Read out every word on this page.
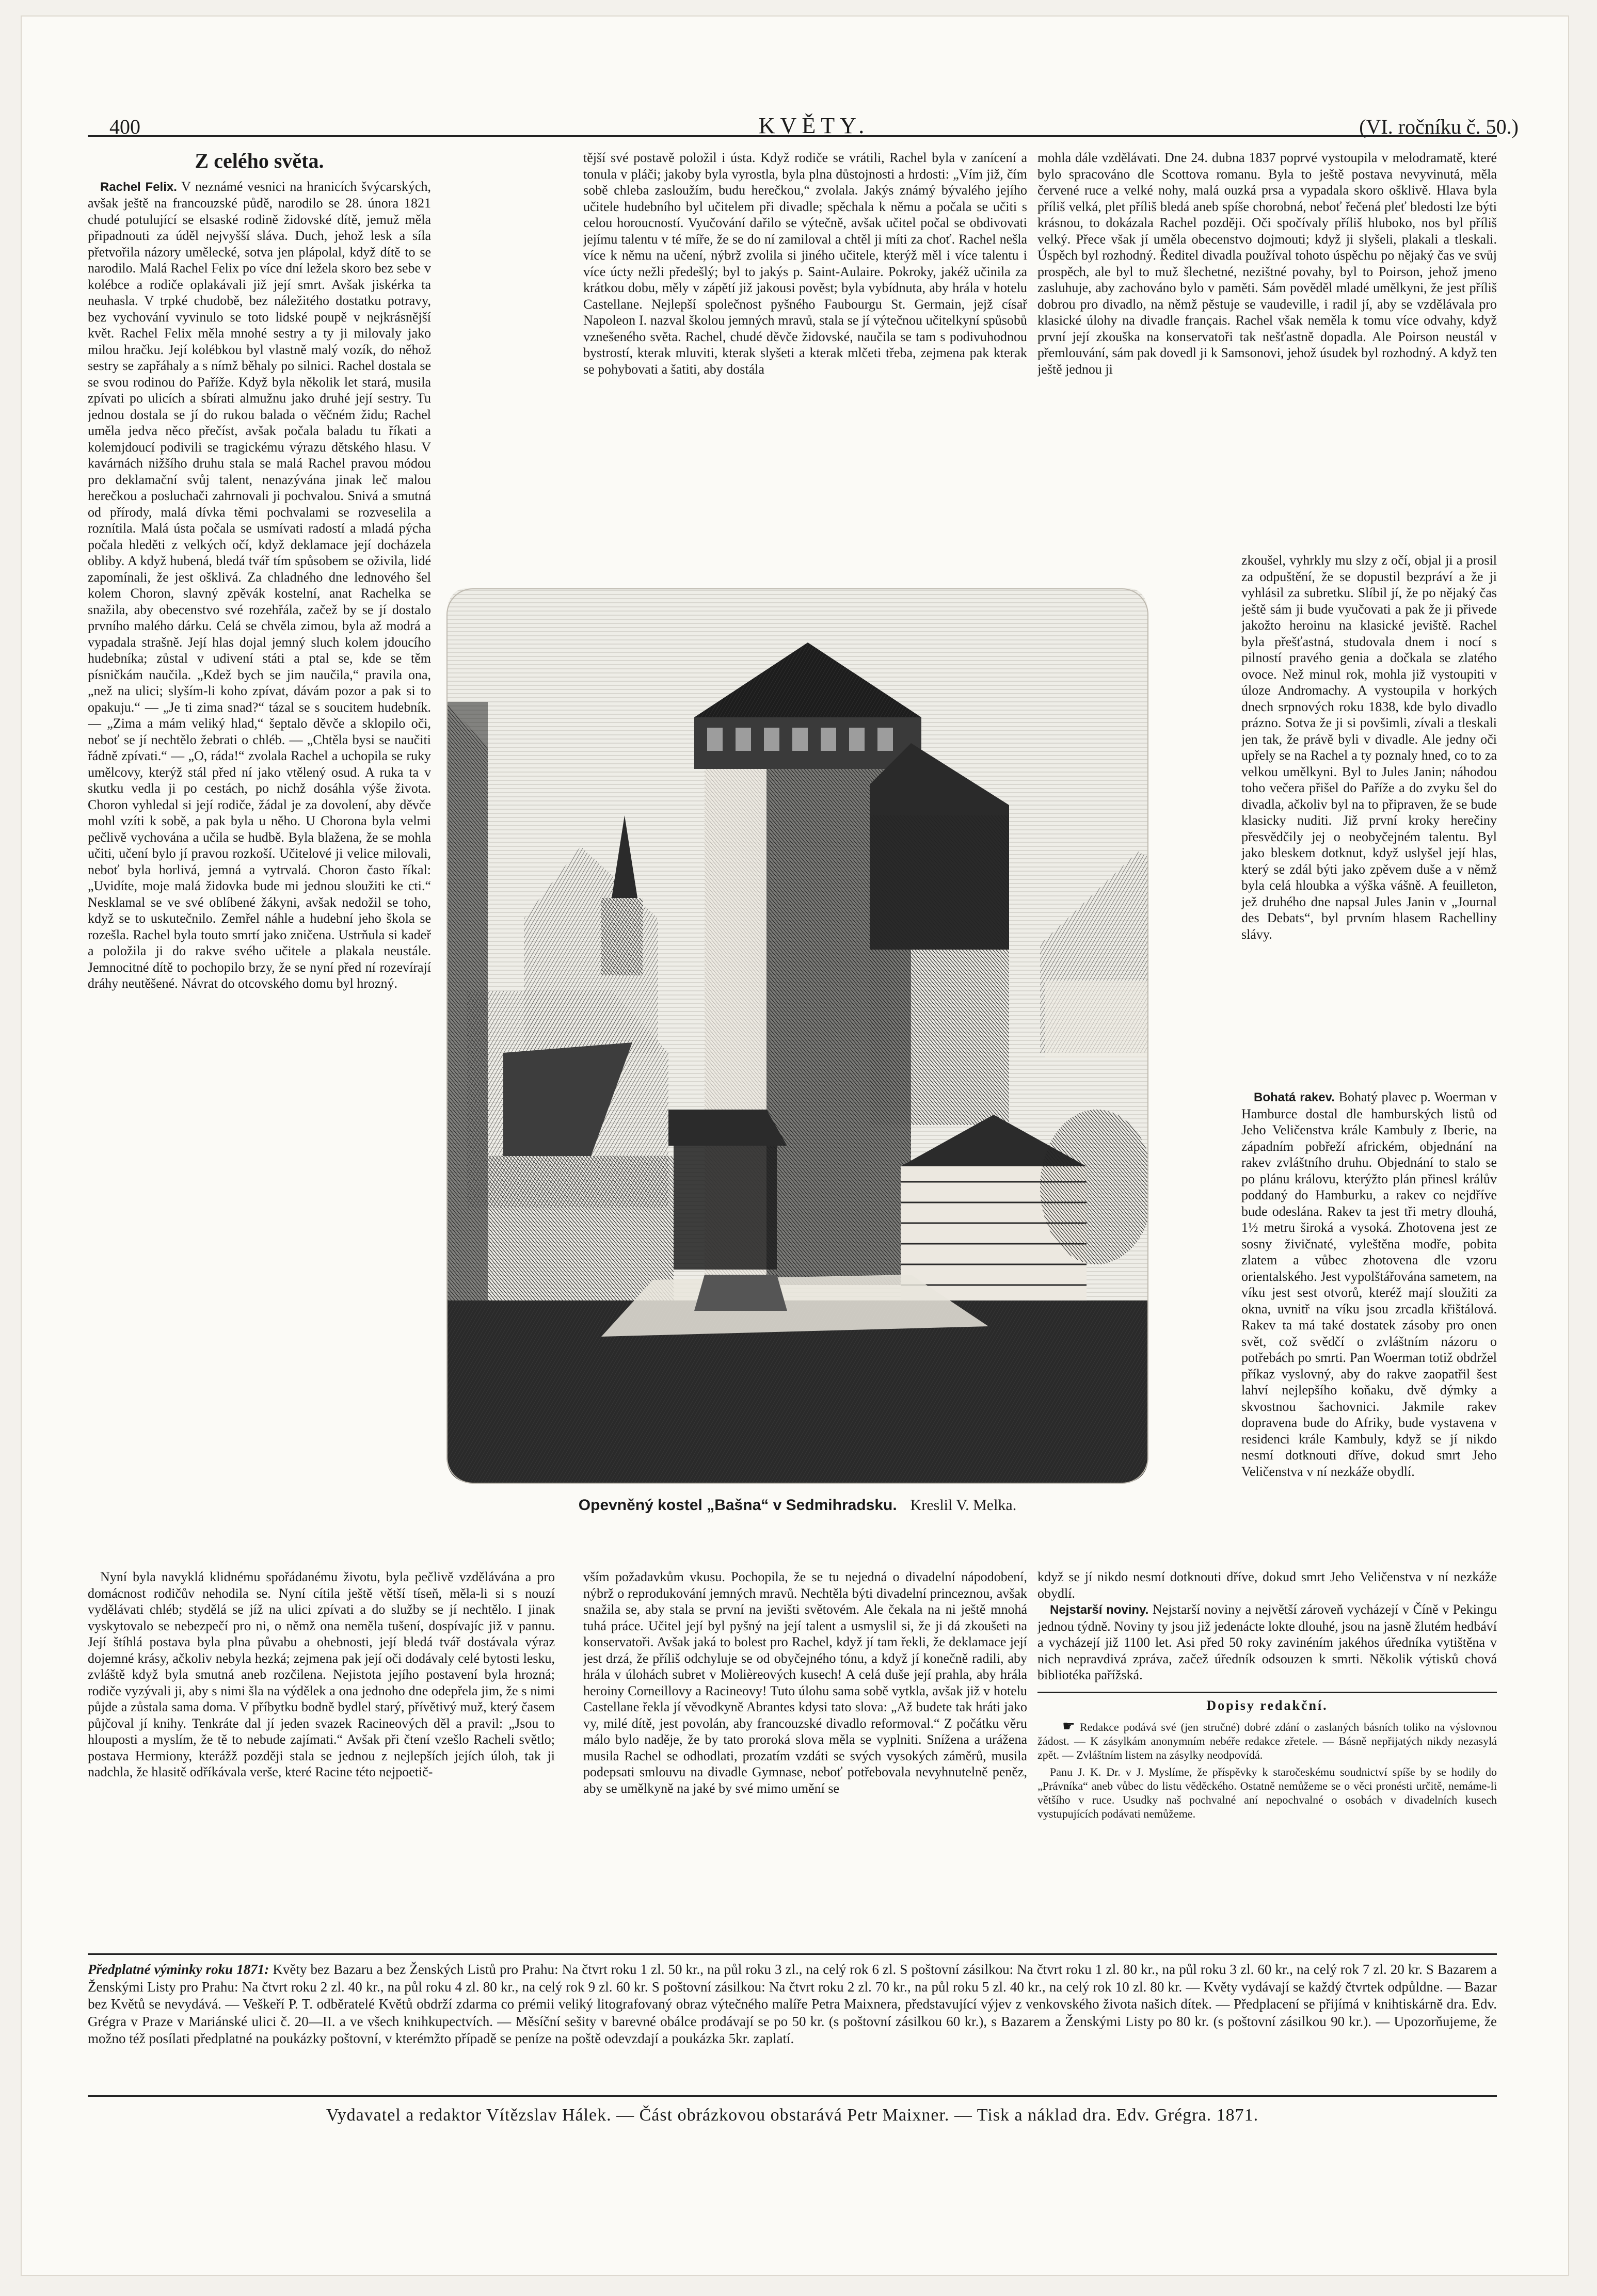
400	KVĚTY.	(VI. ročníku č. 50.)
Z celého světa.

Rachel Felix. V neznámé vesnici na hranicích švýcarských, avšak ještě na francouzské půdě, narodilo se 28. února 1821 chudé potulující se elsaské rodině židovské dítě, jemuž měla připadnouti za úděl nejvyšší sláva. Duch, jehož lesk a síla přetvořila názory umělecké, sotva jen plápolal, když dítě to se narodilo. Malá Rachel Felix po více dní ležela skoro bez sebe v kolébce a rodiče oplakávali již její smrt. Avšak jiskérka ta neuhasla. V trpké chudobě, bez náležitého dostatku potravy, bez vychování vyvinulo se toto lidské poupě v nejkrásnější květ. Rachel Felix měla mnohé sestry a ty ji milovaly jako milou hračku. Její kolébkou byl vlastně malý vozík, do něhož sestry se zapřáhaly a s nímž běhaly po silnici. Rachel dostala se se svou rodinou do Paříže. Když byla několik let stará, musila zpívati po ulicích a sbírati almužnu jako druhé její sestry. Tu jednou dostala se jí do rukou balada o věčném židu; Rachel uměla jedva něco přečíst, avšak počala baladu tu říkati a kolemjdoucí podivili se tragickému výrazu dětského hlasu. V kavárnách nižšího druhu stala se malá Rachel pravou módou pro deklamační svůj talent, nenazývána jinak leč malou herečkou a posluchači zahrnovali ji pochvalou. Snivá a smutná od přírody, malá dívka těmi pochvalami se rozveselila a roznítila. Malá ústa počala se usmívati radostí a mladá pýcha počala hleděti z velkých očí, když deklamace její docházela obliby. A když hubená, bledá tvář tím spůsobem se oživila, lidé zapomínali, že jest ošklivá. Za chladného dne lednového šel kolem Choron, slavný zpěvák kostelní, anat Rachelka se snažila, aby obecenstvo své rozehřála, začež by se jí dostalo prvního malého dárku. Celá se chvěla zimou, byla až modrá a vypadala strašně. Její hlas dojal jemný sluch kolem jdoucího hudebníka; zůstal v udivení státi a ptal se, kde se těm písničkám naučila. „Kdež bych se jim naučila,“ pravila ona, „než na ulici; slyším-li koho zpívat, dávám pozor a pak si to opakuju.“ — „Je ti zima snad?“ tázal se s soucitem hudebník. — „Zima a mám veliký hlad,“ šeptalo děvče a sklopilo oči, neboť se jí nechtělo žebrati o chléb. — „Chtěla bysi se naučiti řádně zpívati.“ — „O, ráda!“ zvolala Rachel a uchopila se ruky umělcovy, kterýž stál před ní jako vtělený osud. A ruka ta v skutku vedla ji po cestách, po nichž dosáhla výše života. Choron vyhledal si její rodiče, žádal je za dovolení, aby děvče mohl vzíti k sobě, a pak byla u něho. U Chorona byla velmi pečlivě vychována a učila se hudbě. Byla blažena, že se mohla učiti, učení bylo jí pravou rozkoší. Učitelové ji velice milovali, neboť byla horlivá, jemná a vytrvalá. Choron často říkal: „Uvidíte, moje malá židovka bude mi jednou sloužiti ke cti.“ Nesklamal se ve své oblíbené žákyni, avšak nedožil se toho, když se to uskutečnilo. Zemřel náhle a hudební jeho škola se rozešla. Rachel byla touto smrtí jako zničena. Ustrňula si kadeř a položila ji do rakve svého učitele a plakala neustále. Jemnocitné dítě to pochopilo brzy, že se nyní před ní rozevírají dráhy neutěšené. Návrat do otcovského domu byl hrozný.

tější své postavě položil i ústa. Když rodiče se vrátili, Rachel byla v zanícení a tonula v pláči; jakoby byla vyrostla, byla plna důstojnosti a hrdosti: „Vím již, čím sobě chleba zasloužím, budu herečkou,“ zvolala. Jakýs známý bývalého jejího učitele hudebního byl učitelem při divadle; spěchala k němu a počala se učiti s celou horoucností. Vyučování dařilo se výtečně, avšak učitel počal se obdivovati jejímu talentu v té míře, že se do ní zamiloval a chtěl ji míti za choť. Rachel nešla více k němu na učení, nýbrž zvolila si jiného učitele, kterýž měl i více talentu i více úcty nežli předešlý; byl to jakýs p. Saint-Aulaire. Pokroky, jakéž učinila za krátkou dobu, měly v zápětí již jakousi pověst; byla vybídnuta, aby hrála v hotelu Castellane. Nejlepší společnost pyšného Faubourgu St. Germain, jejž císař Napoleon I. nazval školou jemných mravů, stala se jí výtečnou učitelkyní spůsobů vznešeného světa. Rachel, chudé děvče židovské, naučila se tam s podivuhodnou bystrostí, kterak mluviti, kterak slyšeti a kterak mlčeti třeba, zejmena pak kterak se pohybovati a šatiti, aby dostála

mohla dále vzdělávati. Dne 24. dubna 1837 poprvé vystoupila v melodramatě, které bylo spracováno dle Scottova romanu. Byla to ještě postava nevyvinutá, měla červené ruce a velké nohy, malá ouzká prsa a vypadala skoro ošklivě. Hlava byla příliš velká, plet příliš bledá aneb spíše chorobná, neboť řečená pleť bledosti lze býti krásnou, to dokázala Rachel později. Oči spočívaly příliš hluboko, nos byl příliš velký. Přece však jí uměla obecenstvo dojmouti; když ji slyšeli, plakali a tleskali. Úspěch byl rozhodný. Ředitel divadla používal tohoto úspěchu po nějaký čas ve svůj prospěch, ale byl to muž šlechetné, nezištné povahy, byl to Poirson, jehož jmeno zasluhuje, aby zachováno bylo v paměti. Sám pověděl mladé umělkyni, že jest příliš dobrou pro divadlo, na němž pěstuje se vaudeville, i radil jí, aby se vzdělávala pro klasické úlohy na divadle français. Rachel však neměla k tomu více odvahy, když první její zkouška na konservatoři tak nešťastně dopadla. Ale Poirson neustál v přemlouvání, sám pak dovedl ji k Samsonovi, jehož úsudek byl rozhodný. A když ten ještě jednou ji

zkoušel, vyhrkly mu slzy z očí, objal ji a prosil za odpuštění, že se dopustil bezpráví a že ji vyhlásil za subretku. Slíbil jí, že po nějaký čas ještě sám ji bude vyučovati a pak že ji přivede jakožto heroinu na klasické jeviště. Rachel byla přešťastná, studovala dnem i nocí s pilností pravého genia a dočkala se zlatého ovoce. Než minul rok, mohla již vystoupiti v úloze Andromachy. A vystoupila v horkých dnech srpnových roku 1838, kde bylo divadlo prázno. Sotva že ji si povšimli, zívali a tleskali jen tak, že právě byli v divadle. Ale jedny oči upřely se na Rachel a ty poznaly hned, co to za velkou umělkyni. Byl to Jules Janin; náhodou toho večera přišel do Paříže a do zvyku šel do divadla, ačkoliv byl na to připraven, že se bude klasicky nuditi. Již první kroky herečiny přesvědčily jej o neobyčejném talentu. Byl jako bleskem dotknut, když uslyšel její hlas, který se zdál býti jako zpěvem duše a v němž byla celá hloubka a výška vášně. A feuilleton, jež druhého dne napsal Jules Janin v „Journal des Debats“, byl prvním hlasem Rachelliny slávy.

Bohatá rakev. Bohatý plavec p. Woerman v Hamburce dostal dle hamburských listů od Jeho Veličenstva krále Kambuly z Iberie, na západním pobřeží africkém, objednání na rakev zvláštního druhu. Objednání to stalo se po plánu královu, kterýžto plán přinesl králův poddaný do Hamburku, a rakev co nejdříve bude odeslána. Rakev ta jest tři metry dlouhá, 1½ metru široká a vysoká. Zhotovena jest ze sosny živičnaté, vyleštěna modře, pobita zlatem a vůbec zhotovena dle vzoru orientalského. Jest vypolštářována sametem, na víku jest sest otvorů, kteréž mají sloužiti za okna, uvnitř na víku jsou zrcadla křištálová. Rakev ta má také dostatek zásoby pro onen svět, což svědčí o zvláštním názoru o potřebách po smrti. Pan Woerman totiž obdržel příkaz vyslovný, aby do rakve zaopatřil šest lahví nejlepšího koňaku, dvě dýmky a skvostnou šachovnici. Jakmile rakev dopravena bude do Afriky, bude vystavena v residenci krále Kambuly, když se jí nikdo nesmí dotknouti dříve, dokud smrt Jeho Veličenstva v ní nezkáže obydlí.

Opevněný kostel „Bašna“ v Sedmihradsku. Kreslil V. Melka.

Nyní byla navyklá klidnému spořádanému životu, byla pečlivě vzdělávána a pro domácnost rodičův nehodila se. Nyní cítila ještě větší tíseň, měla-li si s nouzí vydělávati chléb; stydělá se jíž na ulici zpívati a do služby se jí nechtělo. I jinak vyskytovalo se nebezpečí pro ni, o němž ona neměla tušení, dospívajíc již v pannu. Její štíhlá postava byla plna půvabu a ohebnosti, její bledá tvář dostávala výraz dojemné krásy, ačkoliv nebyla hezká; zejmena pak její oči dodávaly celé bytosti lesku, zvláště když byla smutná aneb rozčilena. Nejistota jejího postavení byla hrozná; rodiče vyzývali ji, aby s nimi šla na výdělek a ona jednoho dne odepřela jim, že s nimi půjde a zůstala sama doma. V příbytku bodně bydlel starý, přívětivý muž, který časem půjčoval jí knihy. Tenkráte dal jí jeden svazek Racineových děl a pravil: „Jsou to hlouposti a myslím, že tě to nebude zajímati.“ Avšak při čtení vzešlo Racheli světlo; postava Hermiony, kterážž později stala se jednou z nejlepších jejích úloh, tak ji nadchla, že hlasitě odříkávala verše, které Racine této nejpoetič-

vším požadavkům vkusu. Pochopila, že se tu nejedná o divadelní nápodobení, nýbrž o reprodukování jemných mravů. Nechtěla býti divadelní princeznou, avšak snažila se, aby stala se první na jevišti světovém. Ale čekala na ni ještě mnohá tuhá práce. Učitel její byl pyšný na její talent a usmyslil si, že ji dá zkoušeti na konservatoři. Avšak jaká to bolest pro Rachel, když jí tam řekli, že deklamace její jest drzá, že příliš odchyluje se od obyčejného tónu, a když jí konečně radili, aby hrála v úlohách subret v Molièreových kusech! A celá duše její prahla, aby hrála heroiny Corneillovy a Racineovy! Tuto úlohu sama sobě vytkla, avšak již v hotelu Castellane řekla jí věvodkyně Abrantes kdysi tato slova: „Až budete tak hráti jako vy, milé dítě, jest povolán, aby francouzské divadlo reformoval.“ Z počátku věru málo bylo naděje, že by tato proroká slova měla se vyplniti. Snížena a urážena musila Rachel se odhodlati, prozatím vzdáti se svých vysokých záměrů, musila podepsati smlouvu na divadle Gymnase, neboť potřebovala nevyhnutelně peněz, aby se umělkyně na jaké by své mimo umění se

když se jí nikdo nesmí dotknouti dříve, dokud smrt Jeho Veličenstva v ní nezkáže obydlí.

Nejstarší noviny. Nejstarší noviny a největší zároveň vycházejí v Číně v Pekingu jednou týdně. Noviny ty jsou již jedenácte lokte dlouhé, jsou na jasně žlutém hedbáví a vycházejí již 1100 let. Asi před 50 roky zavinéním jakéhos úředníka vytištěna v nich nepravdivá zpráva, začež úředník odsouzen k smrti. Několik výtisků chová bibliotéka pařížská.

Dopisy redakční.

☛ Redakce podává své (jen stručné) dobré zdání o zaslaných básních toliko na výslovnou žádost. — K zásylkám anonymním nebéře redakce zřetele. — Básně nepřijatých nikdy nezasylá zpět. — Zvláštním listem na zásylky neodpovídá.

Panu J. K. Dr. v J. Myslíme, že příspěvky k staročeskému soudnictví spíše by se hodily do „Právníka“ aneb vůbec do listu věděckého. Ostatně nemůžeme se o věci pronésti určitě, nemáme-li většího v ruce. Usudky naš pochvalné aní nepochvalné o osobách v divadelních kusech vystupujících podávati nemůžeme.

Předplatné výminky roku 1871: Květy bez Bazaru a bez Ženských Listů pro Prahu: Na čtvrt roku 1 zl. 50 kr., na půl roku 3 zl., na celý rok 6 zl. S poštovní zásilkou: Na čtvrt roku 1 zl. 80 kr., na půl roku 3 zl. 60 kr., na celý rok 7 zl. 20 kr. S Bazarem a Ženskými Listy pro Prahu: Na čtvrt roku 2 zl. 40 kr., na půl roku 4 zl. 80 kr., na celý rok 9 zl. 60 kr. S poštovní zásilkou: Na čtvrt roku 2 zl. 70 kr., na půl roku 5 zl. 40 kr., na celý rok 10 zl. 80 kr. — Květy vydávají se každý čtvrtek odpůldne. — Bazar bez Květů se nevydává. — Veškeří P. T. odběratelé Květů obdrží zdarma co prémii veliký litografovaný obraz výtečného malíře Petra Maixnera, představující výjev z venkovského života našich dítek. — Předplacení se přijímá v knihtiskárně dra. Edv. Grégra v Praze v Mariánské ulici č. 20—II. a ve všech knihkupectvích. — Měsíční sešity v barevné obálce prodávají se po 50 kr. (s poštovní zásilkou 60 kr.), s Bazarem a Ženskými Listy po 80 kr. (s poštovní zásilkou 90 kr.). — Upozorňujeme, že možno též posílati předplatné na poukázky poštovní, v kterémžto případě se peníze na poště odevzdají a poukázka 5kr. zaplatí.
Vydavatel a redaktor Vítězslav Hálek. — Část obrázkovou obstarává Petr Maixner. — Tisk a náklad dra. Edv. Grégra. 1871.
